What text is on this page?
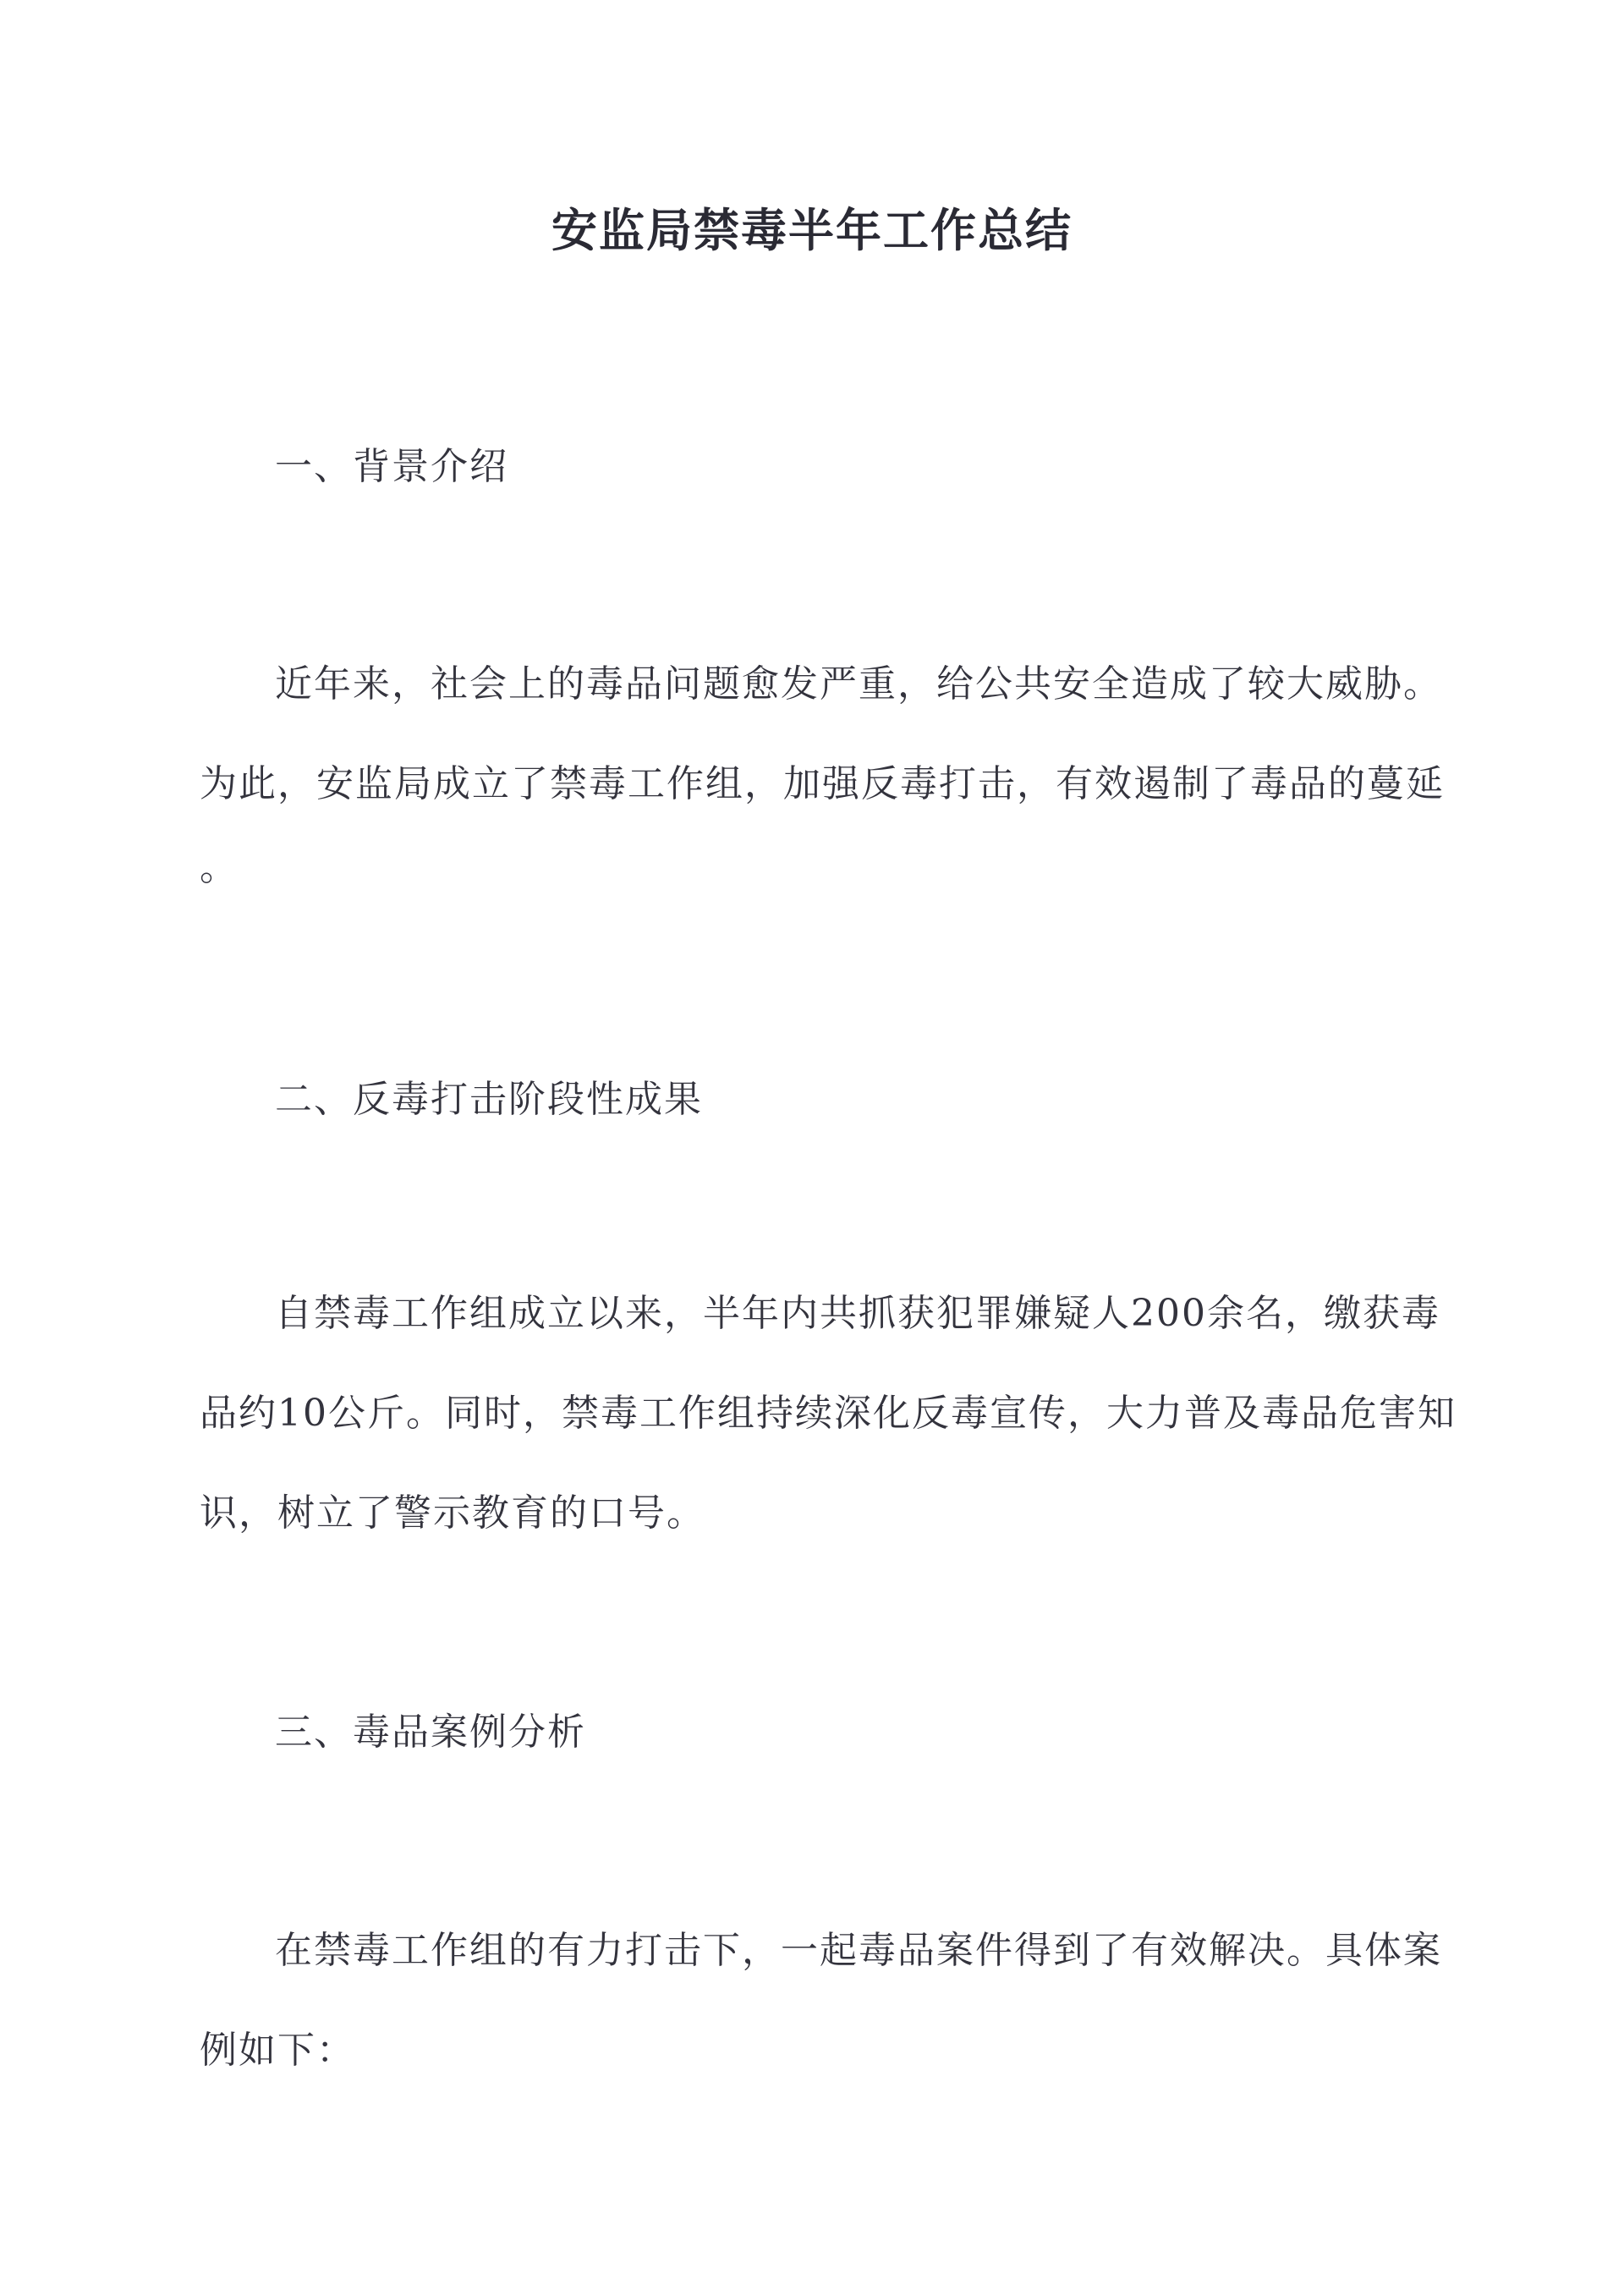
安监局禁毒半年工作总结
一、背景介绍
近年来，社会上的毒品问题愈发严重，给公共安全造成了较大威胁。
为此，安监局成立了禁毒工作组，加强反毒打击，有效遏制了毒品的蔓延
。
二、反毒打击阶段性成果
自禁毒工作组成立以来，半年内共抓获犯罪嫌疑人200余名，缴获毒
品约10公斤。同时，禁毒工作组持续深化反毒宣传，大力普及毒品危害知
识，树立了警示教育的口号。
三、毒品案例分析
在禁毒工作组的有力打击下，一起毒品案件得到了有效解决。具体案
例如下：
